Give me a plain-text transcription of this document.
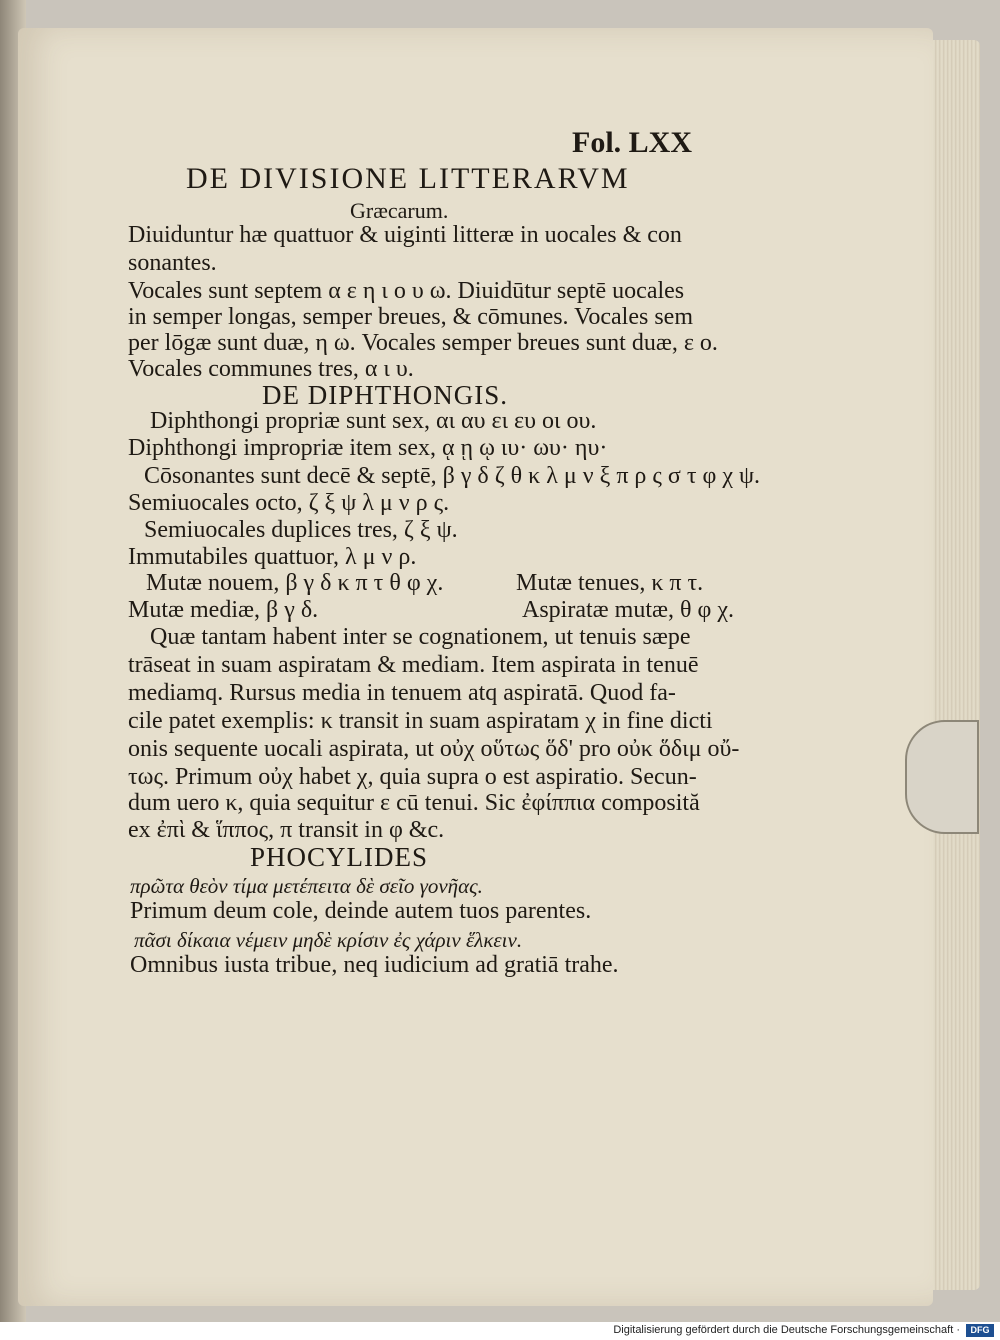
Fol. LXX
DE DIVISIONE LITTERARVM
Græcarum.
Diuiduntur hæ quattuor & uiginti litteræ in uocales & con
sonantes.
Vocales sunt septem α ε η ι ο υ ω. Diuidūtur septē uocales
in semper longas, semper breues, & cōmunes. Vocales sem
per lōgæ sunt duæ, η ω. Vocales semper breues sunt duæ, ε ο.
Vocales communes tres, α ι υ.
DE DIPHTHONGIS.
Diphthongi propriæ sunt sex, αι αυ ει ευ οι ου.
Diphthongi impropriæ item sex, ᾳ ῃ ῳ ιυ· ωυ· ηυ·
Cōsonantes sunt decē & septē, β γ δ ζ θ κ λ μ ν ξ π ρ ς σ τ φ χ ψ.
Semiuocales octo, ζ ξ ψ λ μ ν ρ ς.
Semiuocales duplices tres, ζ ξ ψ.
Immutabiles quattuor, λ μ ν ρ.
Mutæ nouem, β γ δ κ π τ θ φ χ.
Mutæ mediæ, β γ δ.
Mutæ tenues, κ π τ.
Aspiratæ mutæ, θ φ χ.
Quæ tantam habent inter se cognationem, ut tenuis sæpe
trāseat in suam aspiratam & mediam. Item aspirata in tenuē
mediamq. Rursus media in tenuem atq aspiratā. Quod fa-
cile patet exemplis: κ transit in suam aspiratam χ in fine dicti
onis sequente uocali aspirata, ut οὐχ οὕτως ὅδ' pro οὐκ ὅδιμ οὔ-
τως. Primum οὐχ habet χ, quia supra ο est aspiratio. Secun-
dum uero κ, quia sequitur ε cū tenui. Sic ἐφίππια composită
ex ἐπὶ & ἵππος, π transit in φ &c.
PHOCYLIDES
πρῶτα θεὸν τίμα μετέπειτα δὲ σεῖο γονῆας.
Primum deum cole, deinde autem tuos parentes.
πᾶσι δίκαια νέμειν μηδὲ κρίσιν ἐς χάριν ἕλκειν.
Omnibus iusta tribue, neq iudicium ad gratiā trahe.
Digitalisierung gefördert durch die Deutsche Forschungsgemeinschaft ·	DFG
